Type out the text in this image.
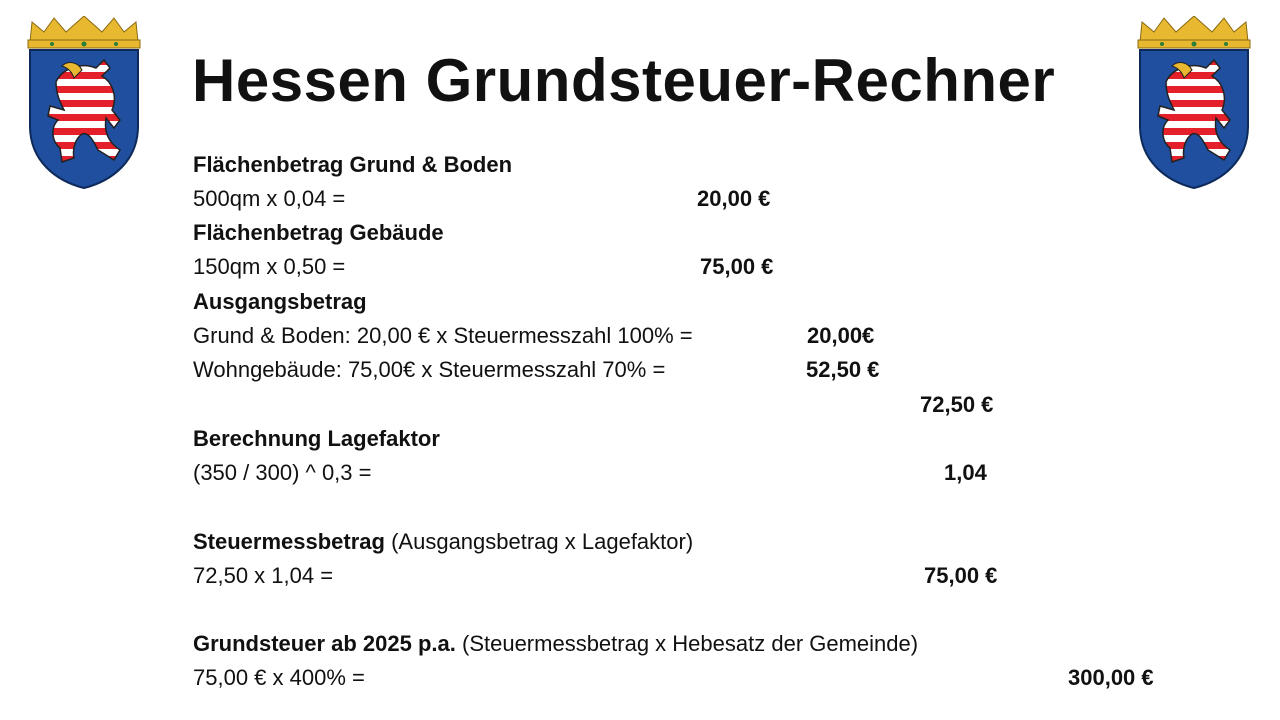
Hessen Grundsteuer-Rechner
Flächenbetrag Grund & Boden
500qm x 0,04 =	20,00 €
Flächenbetrag Gebäude
150qm x 0,50 =	75,00 €
Ausgangsbetrag
Grund & Boden: 20,00 € x Steuermesszahl 100% =	20,00€
Wohngebäude: 75,00€ x Steuermesszahl 70% =	52,50 €
72,50 €
Berechnung Lagefaktor
(350 / 300) ^ 0,3 =	1,04
Steuermessbetrag (Ausgangsbetrag x Lagefaktor)
72,50 x 1,04 =	75,00 €
Grundsteuer ab 2025 p.a. (Steuermessbetrag x Hebesatz der Gemeinde)
75,00 € x 400% =	300,00 €
